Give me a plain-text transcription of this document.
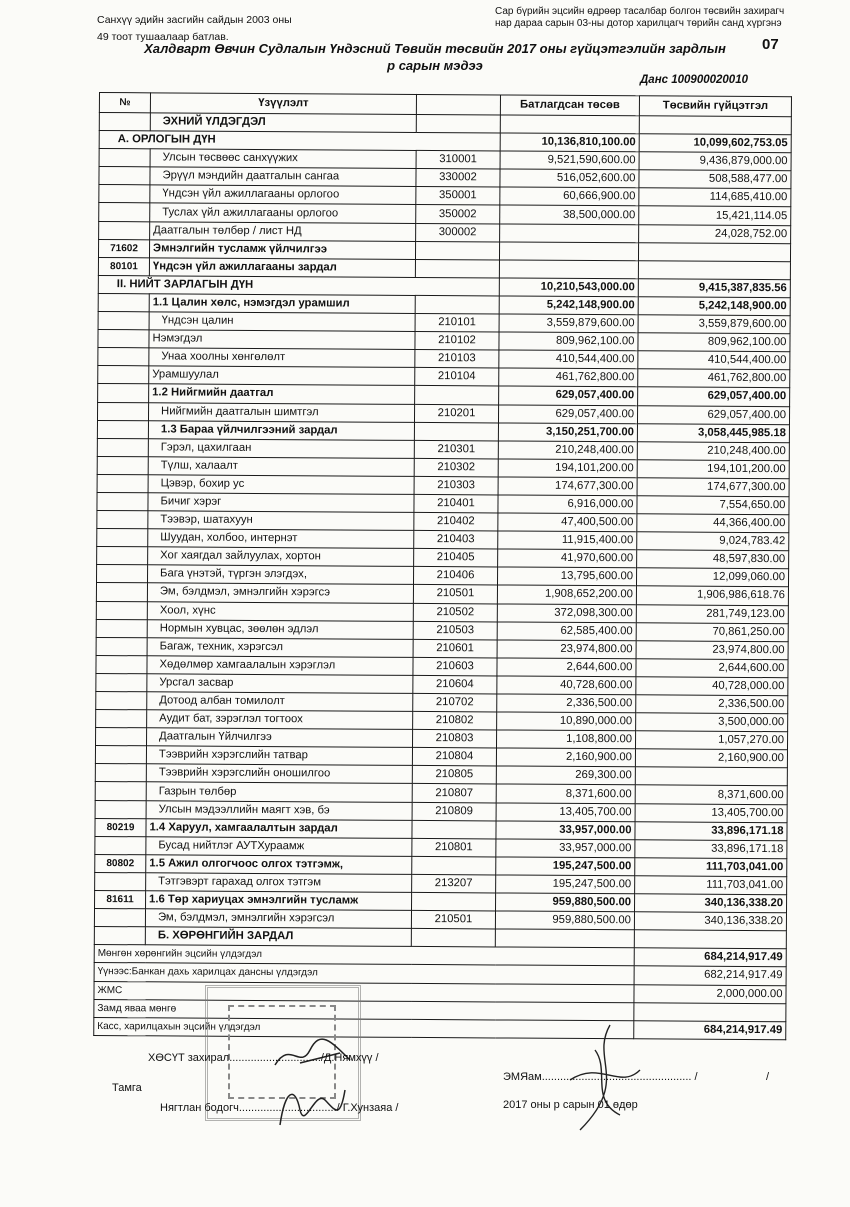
Санхүү эдийн засгийн сайдын 2003 оны
49 тоот тушаалаар батлав.
Сар бүрийн эцсийн өдрөөр тасалбар болгон төсвийн захирагч нар дараа сарын 03-ны дотор харилцагч төрийн санд хүргэнэ
Халдварт Өвчин Судлалын Үндэсний Төвийн төсвийн 2017 оны гүйцэтгэлийн зардлын
р сарын мэдээ
07
Данс 100900020010
№	Үзүүлэлт		Батлагдсан төсөв	Төсвийн гүйцэтгэл
	ЭХНИЙ ҮЛДЭГДЭЛ			
А. ОРЛОГЫН ДҮН			10,136,810,100.00	10,099,602,753.05
	Улсын төсвөөс санхүүжих	310001	9,521,590,600.00	9,436,879,000.00
	Эрүүл мэндийн даатгалын сангаа	330002	516,052,600.00	508,588,477.00
	Үндсэн үйл ажиллагааны орлогоо	350001	60,666,900.00	114,685,410.00
	Туслах үйл ажиллагааны орлогоо	350002	38,500,000.00	15,421,114.05
	Даатгалын төлбөр / лист НД	300002		24,028,752.00
71602	Эмнэлгийн тусламж үйлчилгээ			
80101	Үндсэн үйл ажиллагааны зардал			
II. НИЙТ ЗАРЛАГЫН ДҮН			10,210,543,000.00	9,415,387,835.56
	1.1 Цалин хөлс, нэмэгдэл урамшил		5,242,148,900.00	5,242,148,900.00
	Үндсэн цалин	210101	3,559,879,600.00	3,559,879,600.00
	Нэмэгдэл	210102	809,962,100.00	809,962,100.00
	Унаа хоолны хөнгөлөлт	210103	410,544,400.00	410,544,400.00
	Урамшуулал	210104	461,762,800.00	461,762,800.00
	1.2 Нийгмийн даатгал		629,057,400.00	629,057,400.00
	Нийгмийн даатгалын шимтгэл	210201	629,057,400.00	629,057,400.00
	1.3 Бараа үйлчилгээний зардал		3,150,251,700.00	3,058,445,985.18
	Гэрэл, цахилгаан	210301	210,248,400.00	210,248,400.00
	Түлш, халаалт	210302	194,101,200.00	194,101,200.00
	Цэвэр, бохир ус	210303	174,677,300.00	174,677,300.00
	Бичиг хэрэг	210401	6,916,000.00	7,554,650.00
	Тээвэр, шатахуун	210402	47,400,500.00	44,366,400.00
	Шуудан, холбоо, интернэт	210403	11,915,400.00	9,024,783.42
	Хог хаягдал зайлуулах, хортон	210405	41,970,600.00	48,597,830.00
	Бага үнэтэй, түргэн элэгдэх,	210406	13,795,600.00	12,099,060.00
	Эм, бэлдмэл, эмнэлгийн хэрэгсэ	210501	1,908,652,200.00	1,906,986,618.76
	Хоол, хүнс	210502	372,098,300.00	281,749,123.00
	Нормын хувцас, зөөлөн эдлэл	210503	62,585,400.00	70,861,250.00
	Багаж, техник, хэрэгсэл	210601	23,974,800.00	23,974,800.00
	Хөдөлмөр хамгаалалын хэрэглэл	210603	2,644,600.00	2,644,600.00
	Урсгал засвар	210604	40,728,600.00	40,728,000.00
	Дотоод албан томилолт	210702	2,336,500.00	2,336,500.00
	Аудит бат, зэрэглэл тогтоох	210802	10,890,000.00	3,500,000.00
	Даатгалын Үйлчилгээ	210803	1,108,800.00	1,057,270.00
	Тээврийн хэрэгслийн татвар	210804	2,160,900.00	2,160,900.00
	Тээврийн хэрэгслийн оношилгоо	210805	269,300.00	
	Газрын төлбөр	210807	8,371,600.00	8,371,600.00
	Улсын мэдээллийн маягт хэв, бэ	210809	13,405,700.00	13,405,700.00
80219	1.4 Харуул, хамгаалалтын зардал		33,957,000.00	33,896,171.18
	Бусад нийтлэг АУТХураамж	210801	33,957,000.00	33,896,171.18
80802	1.5 Ажил олгогчоос олгох тэтгэмж,		195,247,500.00	111,703,041.00
	Тэтгэвэрт гарахад олгох тэтгэм	213207	195,247,500.00	111,703,041.00
81611	1.6 Төр хариуцах эмнэлгийн тусламж		959,880,500.00	340,136,338.20
	Эм, бэлдмэл, эмнэлгийн хэрэгсэл	210501	959,880,500.00	340,136,338.20
	Б. ХӨРӨНГИЙН ЗАРДАЛ			
Мөнгөн хөрөнгийн эцсийн үлдэгдэл				684,214,917.49
Үүнээс:Банкан дахь харилцах дансны үлдэгдэл				682,214,917.49
ЖМС				2,000,000.00
Замд яваа мөнгө				
Касс, харилцахын эцсийн үлдэгдэл				684,214,917.49
ХӨСҮТ захирал............................../Д.Нямхүү /
Тамга
Нягтлан бодогч................................/ Г.Хунзаяа /
ЭМЯам................................................. /	/
2017 оны р сарын 01 өдөр
